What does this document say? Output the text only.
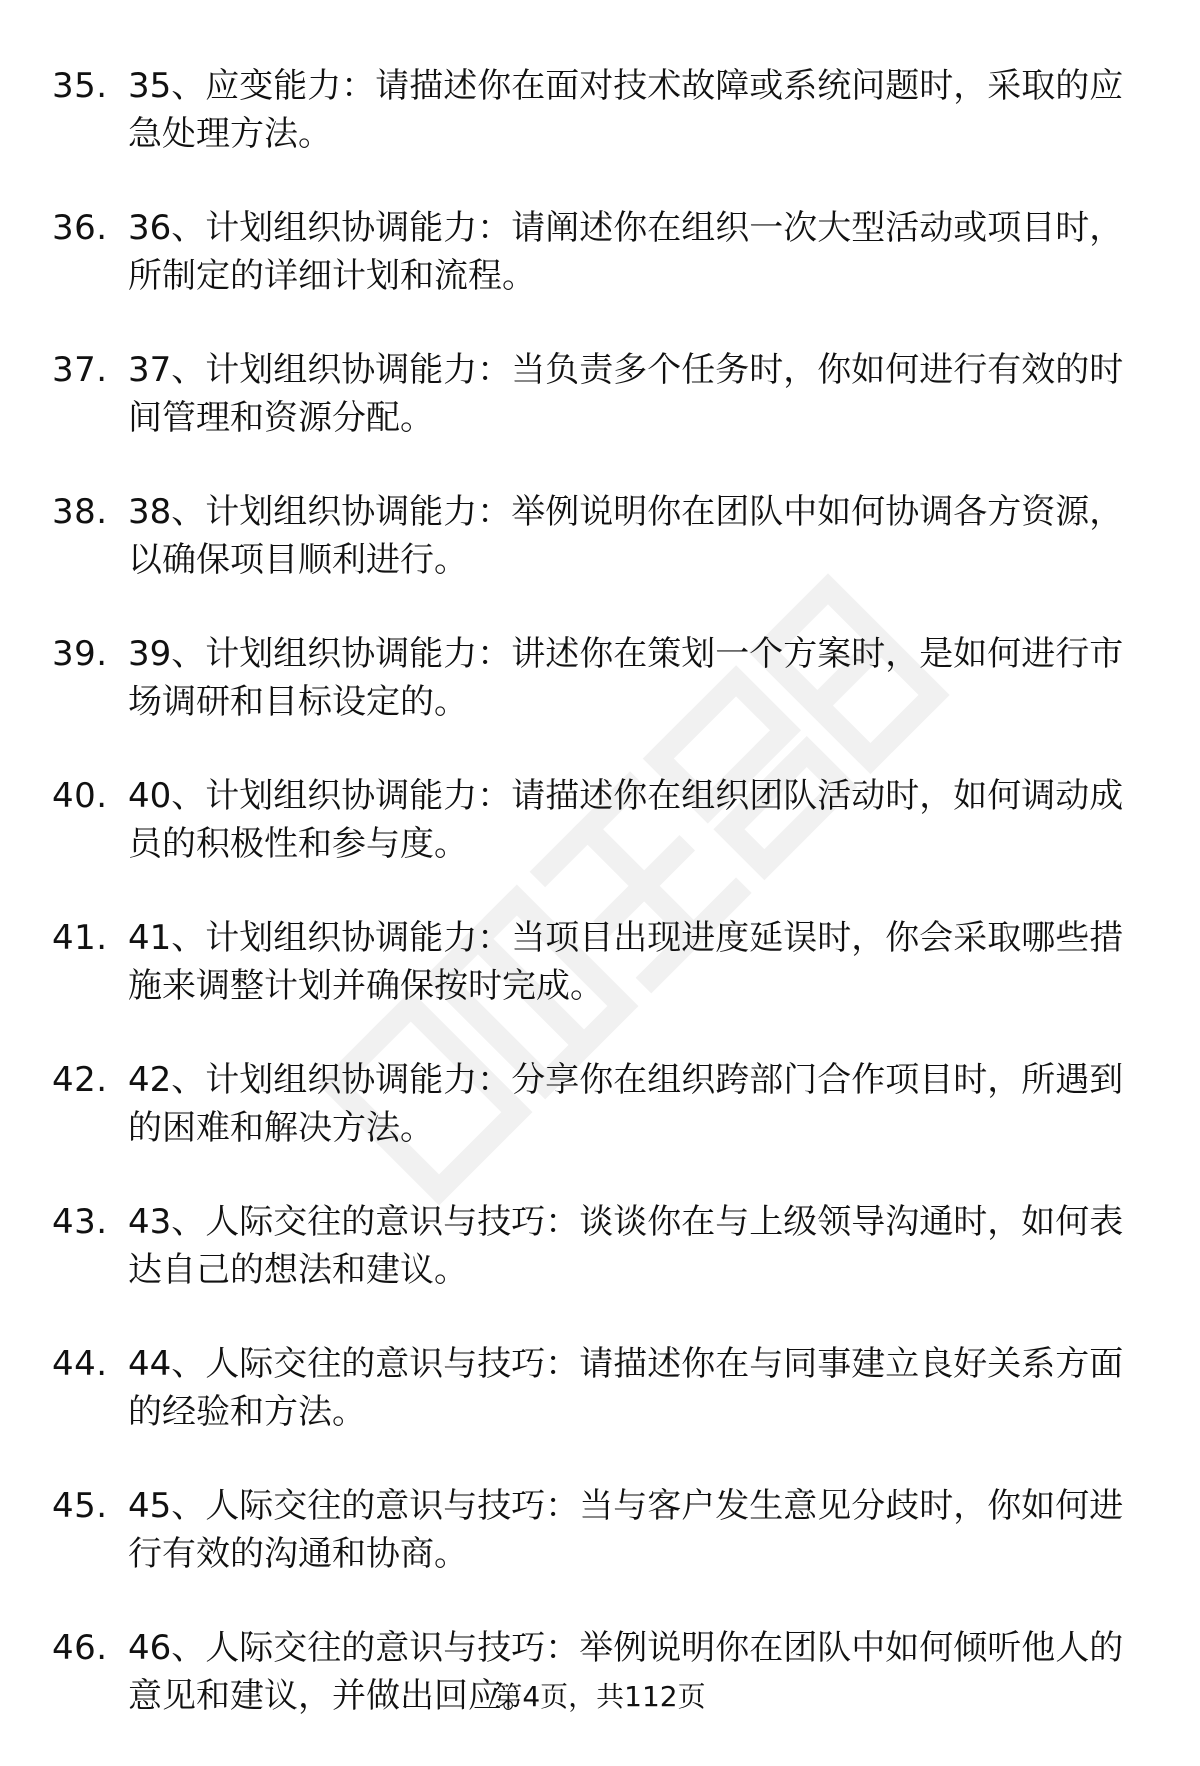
35. 35、应变能力：请描述你在面对技术故障或系统问题时，采取的应急处理方法。
36. 36、计划组织协调能力：请阐述你在组织一次大型活动或项目时，所制定的详细计划和流程。
37. 37、计划组织协调能力：当负责多个任务时，你如何进行有效的时间管理和资源分配。
38. 38、计划组织协调能力：举例说明你在团队中如何协调各方资源，以确保项目顺利进行。
39. 39、计划组织协调能力：讲述你在策划一个方案时，是如何进行市场调研和目标设定的。
40. 40、计划组织协调能力：请描述你在组织团队活动时，如何调动成员的积极性和参与度。
41. 41、计划组织协调能力：当项目出现进度延误时，你会采取哪些措施来调整计划并确保按时完成。
42. 42、计划组织协调能力：分享你在组织跨部门合作项目时，所遇到的困难和解决方法。
43. 43、人际交往的意识与技巧：谈谈你在与上级领导沟通时，如何表达自己的想法和建议。
44. 44、人际交往的意识与技巧：请描述你在与同事建立良好关系方面的经验和方法。
45. 45、人际交往的意识与技巧：当与客户发生意见分歧时，你如何进行有效的沟通和协商。
46. 46、人际交往的意识与技巧：举例说明你在团队中如何倾听他人的意见和建议，并做出回应。
第4页，共112页
